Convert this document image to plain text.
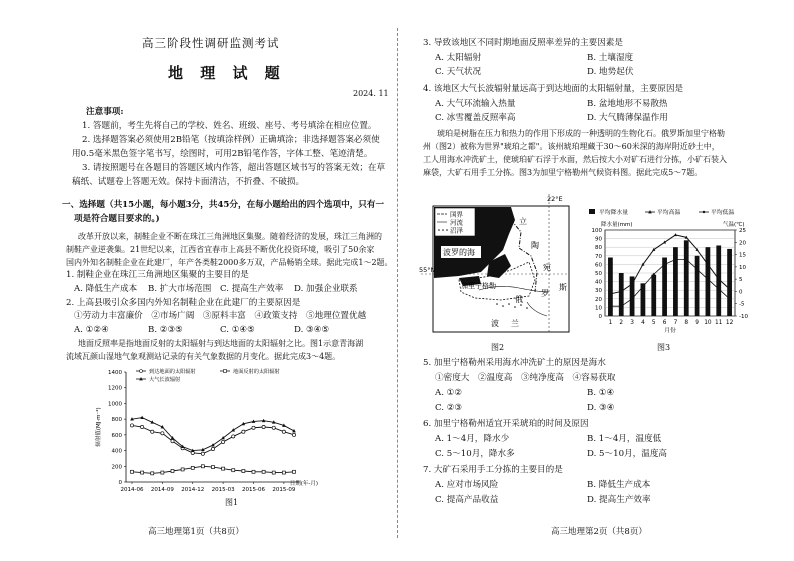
高三阶段性调研监测考试
地 理 试 题
2024. 11
注意事项:
1. 答题前，考生先将自己的学校、姓名、班级、座号、考号填涂在相应位置。
2. 选择题答案必须使用2B铅笔（按填涂样例）正确填涂；非选择题答案必须使
用0.5毫米黑色签字笔书写，绘图时，可用2B铅笔作答，字体工整、笔迹清楚。
3. 请按照题号在各题目的答题区域内作答，超出答题区域书写的答案无效；在草
稿纸、试题卷上答题无效。保持卡面清洁，不折叠、不破损。
一、选择题（共15小题，每小题3分，共45分，在每小题给出的四个选项中，只有一
项是符合题目要求的。)
改革开放以来，制鞋企业不断在珠江三角洲地区集聚。随着经济的发展，珠江三角洲的
制鞋产业逆袭集。21世纪以来，江西省宜春市上高县不断优化投资环境，吸引了50余家
国内外知名制鞋企业在此建厂，年产各类鞋2000多万双，产品畅销全球。据此完成1～2题。
1. 制鞋企业在珠江三角洲地区集聚的主要目的是
A. 降低生产成本 B. 扩大市场范围 C. 提高生产效率 D. 加强企业联系
2. 上高县吸引众多国内外知名制鞋企业在此建厂的主要原因是
①劳动力丰富廉价　②市场广阔　③原料丰富　④政策支持　⑤地理位置优越
A. ①②④	B. ②③⑤	C. ①④⑤	D. ③④⑤
地面反照率是指地面反射的太阳辐射与到达地面的太阳辐射之比。图1示意青海湖
流域瓦颜山湿地气象观测站记录的有关气象数据的月变化。据此完成3～4题。
0
200
400
600
800
1000
1200
1400
2014-06 2014-09 2014-12 2015-03 2015-06 2015-09
辐射值(MJ·m⁻²)
日期(年-月)
到达地面的太阳辐射	地面反射的太阳辐射
大气长波辐射
图1
高三地理第1页（共8页）
3. 导致该地区不同时期地面反照率差异的主要因素是
A. 太阳辐射	B. 土壤湿度
C. 天气状况	D. 地势起伏
4. 该地区大气长波辐射量远高于到达地面的太阳辐射量，主要原因是
A. 大气环流输入热量	B. 盆地地形不易散热
C. 冰雪覆盖反照率高	D. 大气腾薄保温作用
琥珀是树脂在压力和热力的作用下形成的一种透明的生物化石。俄罗斯加里宁格勒
州（图2）被称为世界"琥珀之都"。该州琥珀埋藏于30～60米深的海岸附近砂土中，
工人用海水冲洗矿土，使琥珀矿石浮于水面，然后按大小对矿石进行分拣，小矿石装入
麻袋，大矿石用手工分拣。图3为加里宁格勒州气候资料图。据此完成5～7题。
国界
河流
沼泽
22°E
55°N
波罗的海
立
陶
宛
加里宁格勒
罗
斯
俄
波 兰
图2
0
10
20
30
40
50
60
70
80
90
100
-10
-5
0
5
10
15
20
25
1 2 3 4 5 6 7 8 9 10 11 12
降水量(mm)	气温(℃)
月份
平均降水量	平均高温	平均低温
图3
5. 加里宁格勒州采用海水冲洗矿土的原因是海水
①密度大　②温度高　③纯净度高　④容易获取
A. ①②	B. ①④
C. ②③	D. ③④
6. 加里宁格勒州适宜开采琥珀的时间及原因
A. 1～4月，降水少	B. 1～4月，温度低
C. 5～10月，降水多	D. 5～10月，温度高
7. 大矿石采用手工分拣的主要目的是
A. 应对市场风险	B. 降低生产成本
C. 提高产品收益	D. 提高生产效率
高三地理第2页（共8页）
